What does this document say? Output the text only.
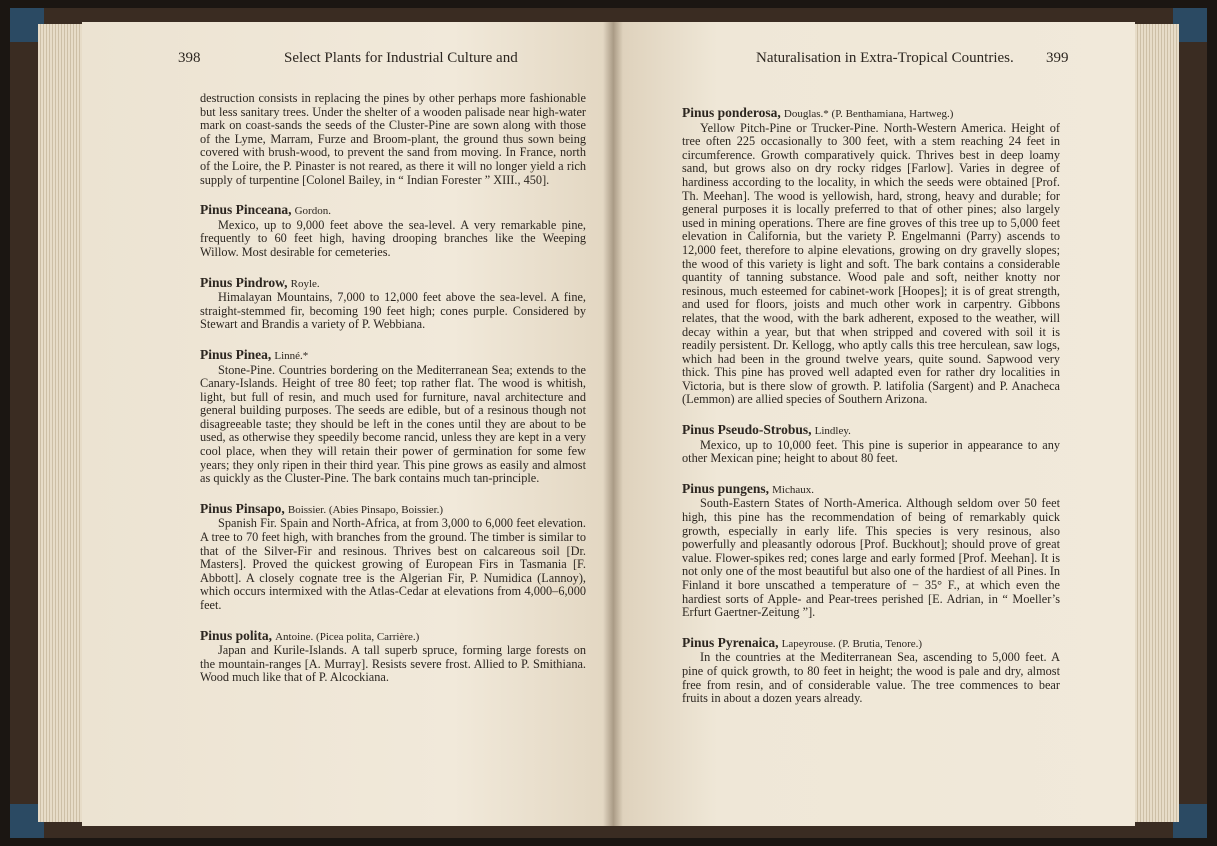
398	Select Plants for Industrial Culture and

destruction consists in replacing the pines by other perhaps more fashionable but less sanitary trees. Under the shelter of a wooden palisade near high-water mark on coast-sands the seeds of the Cluster-Pine are sown along with those of the Lyme, Marram, Furze and Broom-plant, the ground thus sown being covered with brush-wood, to prevent the sand from moving. In France, north of the Loire, the P. Pinaster is not reared, as there it will no longer yield a rich supply of turpentine [Colonel Bailey, in “ Indian Forester ” XIII., 450].

Pinus Pinceana, Gordon.

Mexico, up to 9,000 feet above the sea-level. A very remarkable pine, frequently to 60 feet high, having drooping branches like the Weeping Willow. Most desirable for cemeteries.

Pinus Pindrow, Royle.

Himalayan Mountains, 7,000 to 12,000 feet above the sea-level. A fine, straight-stemmed fir, becoming 190 feet high; cones purple. Considered by Stewart and Brandis a variety of P. Webbiana.

Pinus Pinea, Linné.*

Stone-Pine. Countries bordering on the Mediterranean Sea; extends to the Canary-Islands. Height of tree 80 feet; top rather flat. The wood is whitish, light, but full of resin, and much used for furniture, naval architecture and general building purposes. The seeds are edible, but of a resinous though not disagreeable taste; they should be left in the cones until they are about to be used, as otherwise they speedily become rancid, unless they are kept in a very cool place, when they will retain their power of germination for some few years; they only ripen in their third year. This pine grows as easily and almost as quickly as the Cluster-Pine. The bark contains much tan-principle.

Pinus Pinsapo, Boissier. (Abies Pinsapo, Boissier.)

Spanish Fir. Spain and North-Africa, at from 3,000 to 6,000 feet elevation. A tree to 70 feet high, with branches from the ground. The timber is similar to that of the Silver-Fir and resinous. Thrives best on calcareous soil [Dr. Masters]. Proved the quickest growing of European Firs in Tasmania [F. Abbott]. A closely cognate tree is the Algerian Fir, P. Numidica (Lannoy), which occurs intermixed with the Atlas-Cedar at elevations from 4,000–6,000 feet.

Pinus polita, Antoine. (Picea polita, Carrière.)

Japan and Kurile-Islands. A tall superb spruce, forming large forests on the mountain-ranges [A. Murray]. Resists severe frost. Allied to P. Smithiana. Wood much like that of P. Alcockiana.

Naturalisation in Extra-Tropical Countries. 399

Pinus ponderosa, Douglas.* (P. Benthamiana, Hartweg.)

Yellow Pitch-Pine or Trucker-Pine. North-Western America. Height of tree often 225 occasionally to 300 feet, with a stem reaching 24 feet in circumference. Growth comparatively quick. Thrives best in deep loamy sand, but grows also on dry rocky ridges [Farlow]. Varies in degree of hardiness according to the locality, in which the seeds were obtained [Prof. Th. Meehan]. The wood is yellowish, hard, strong, heavy and durable; for general purposes it is locally preferred to that of other pines; also largely used in mining operations. There are fine groves of this tree up to 5,000 feet elevation in California, but the variety P. Engelmanni (Parry) ascends to 12,000 feet, therefore to alpine elevations, growing on dry gravelly slopes; the wood of this variety is light and soft. The bark contains a considerable quantity of tanning substance. Wood pale and soft, neither knotty nor resinous, much esteemed for cabinet-work [Hoopes]; it is of great strength, and used for floors, joists and much other work in carpentry. Gibbons relates, that the wood, with the bark adherent, exposed to the weather, will decay within a year, but that when stripped and covered with soil it is readily persistent. Dr. Kellogg, who aptly calls this tree herculean, saw logs, which had been in the ground twelve years, quite sound. Sapwood very thick. This pine has proved well adapted even for rather dry localities in Victoria, but is there slow of growth. P. latifolia (Sargent) and P. Anacheca (Lemmon) are allied species of Southern Arizona.

Pinus Pseudo-Strobus, Lindley.

Mexico, up to 10,000 feet. This pine is superior in appearance to any other Mexican pine; height to about 80 feet.

Pinus pungens, Michaux.

South-Eastern States of North-America. Although seldom over 50 feet high, this pine has the recommendation of being of remarkably quick growth, especially in early life. This species is very resinous, also powerfully and pleasantly odorous [Prof. Buckhout]; should prove of great value. Flower-spikes red; cones large and early formed [Prof. Meehan]. It is not only one of the most beautiful but also one of the hardiest of all Pines. In Finland it bore unscathed a temperature of − 35° F., at which even the hardiest sorts of Apple- and Pear-trees perished [E. Adrian, in “ Moeller’s Erfurt Gaertner-Zeitung ”].

Pinus Pyrenaica, Lapeyrouse. (P. Brutia, Tenore.)

In the countries at the Mediterranean Sea, ascending to 5,000 feet. A pine of quick growth, to 80 feet in height; the wood is pale and dry, almost free from resin, and of considerable value. The tree commences to bear fruits in about a dozen years already.
